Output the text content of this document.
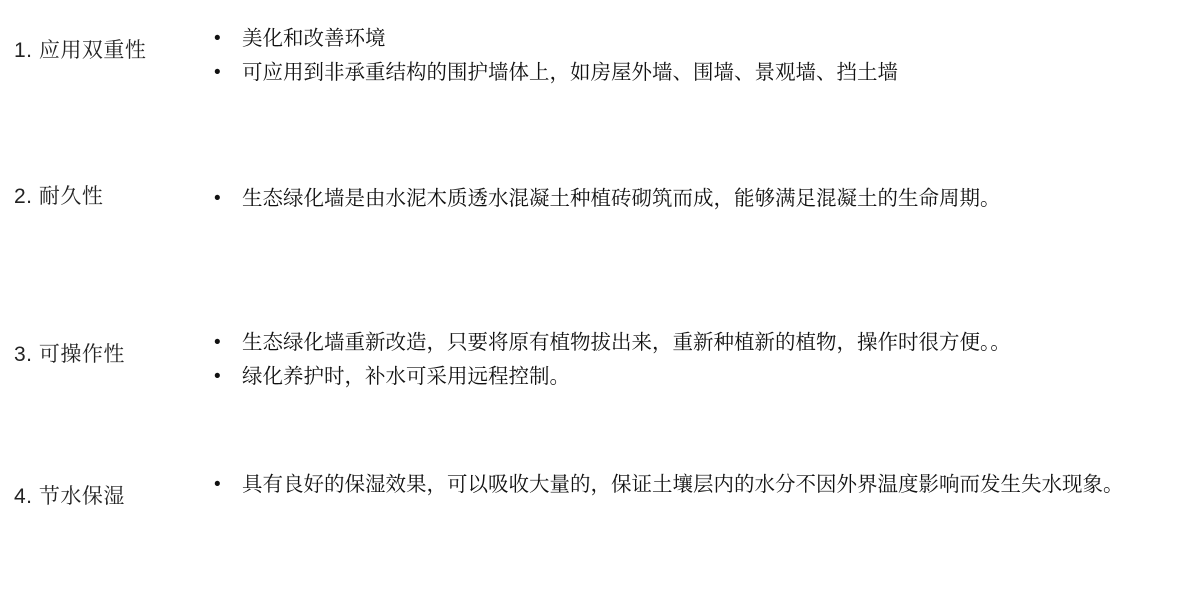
1. 应用双重性
•	美化和改善环境
•	可应用到非承重结构的围护墙体上，如房屋外墙、围墙、景观墙、挡土墙
2. 耐久性	•	生态绿化墙是由水泥木质透水混凝土种植砖砌筑而成，能够满足混凝土的生命周期。
3. 可操作性
•	生态绿化墙重新改造，只要将原有植物拔出来，重新种植新的植物，操作时很方便。。
•	绿化养护时，补水可采用远程控制。
4. 节水保湿
•	具有良好的保湿效果，可以吸收大量的，保证土壤层内的水分不因外界温度影响而发生失水现象。
